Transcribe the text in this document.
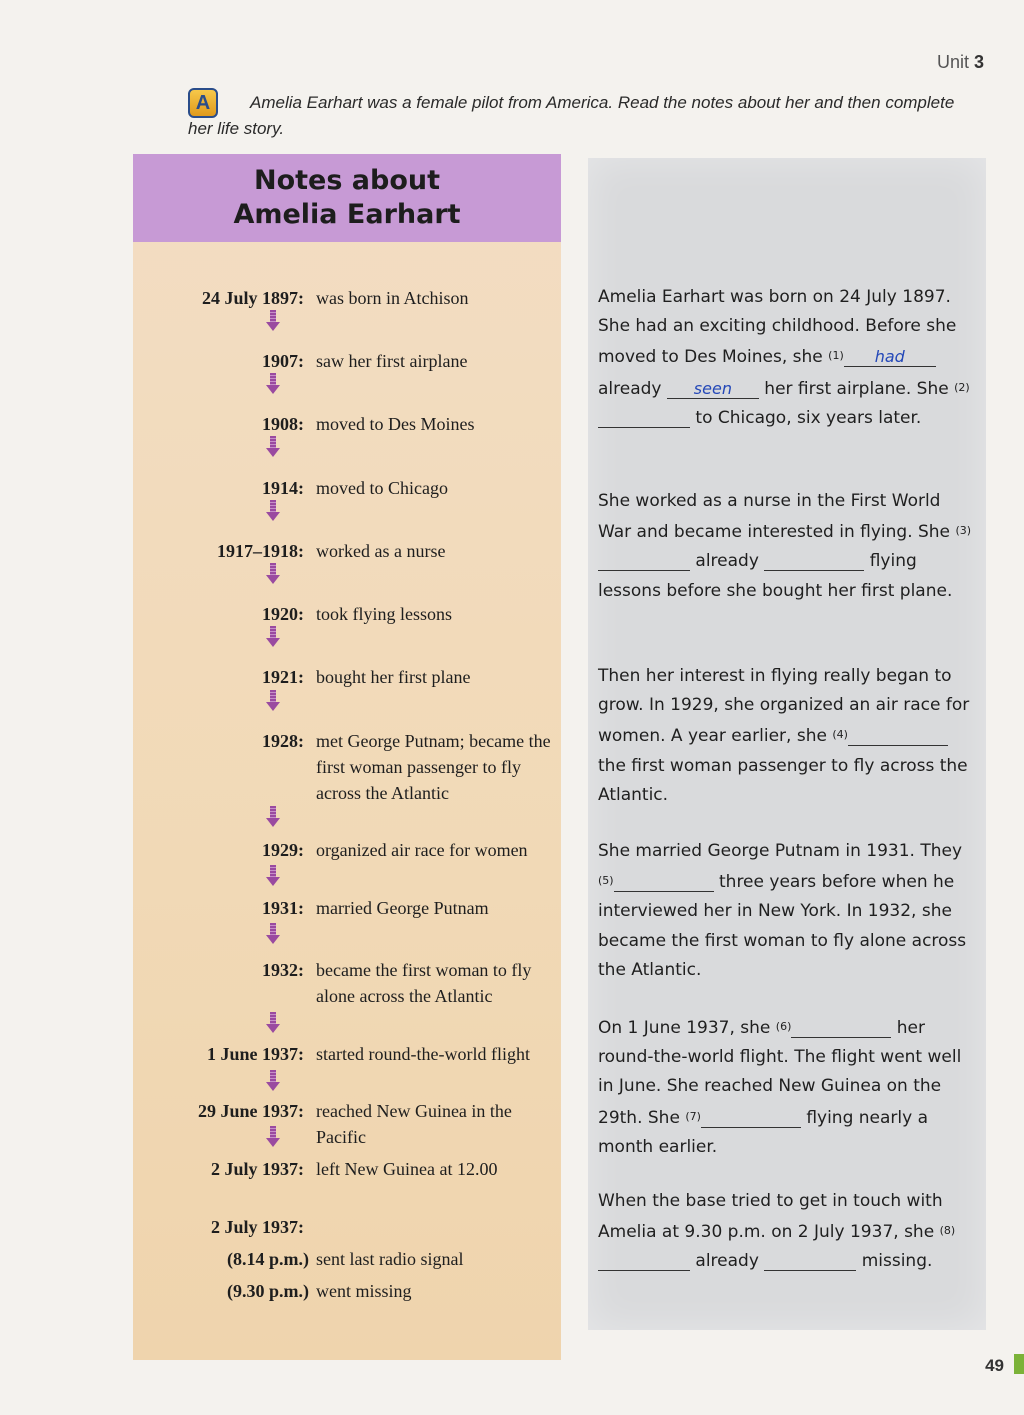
Unit 3
Amelia Earhart was a female pilot from America. Read the notes about her and then complete her life story.
A
Notes about
Amelia Earhart
24 July 1897: was born in Atchison
1907: saw her first airplane
1908: moved to Des Moines
1914: moved to Chicago
1917–1918: worked as a nurse
1920: took flying lessons
1921: bought her first plane
1928: met George Putnam; became the first woman passenger to fly across the Atlantic
1929: organized air race for women
1931: married George Putnam
1932: became the first woman to fly alone across the Atlantic
1 June 1937: started round-the-world flight
29 June 1937: reached New Guinea in the Pacific
2 July 1937: left New Guinea at 12.00
2 July 1937:
(8.14 p.m.) sent last radio signal
(9.30 p.m.) went missing
Amelia Earhart was born on 24 July 1897. She had an exciting childhood. Before she moved to Des Moines, she (1) had already seen her first airplane. She (2)  to Chicago, six years later.
She worked as a nurse in the First World War and became interested in flying. She (3)  already	flying lessons before she bought her first plane.
Then her interest in flying really began to grow. In 1929, she organized an air race for women. A year earlier, she (4)  the first woman passenger to fly across the Atlantic.
She married George Putnam in 1931. They (5)	three years before when he interviewed her in New York. In 1932, she became the first woman to fly alone across the Atlantic.
On 1 June 1937, she (6)	her round-the-world flight. The flight went well in June. She reached New Guinea on the 29th. She (7)	flying nearly a month earlier.
When the base tried to get in touch with Amelia at 9.30 p.m. on 2 July 1937, she (8)  already	missing.
49
